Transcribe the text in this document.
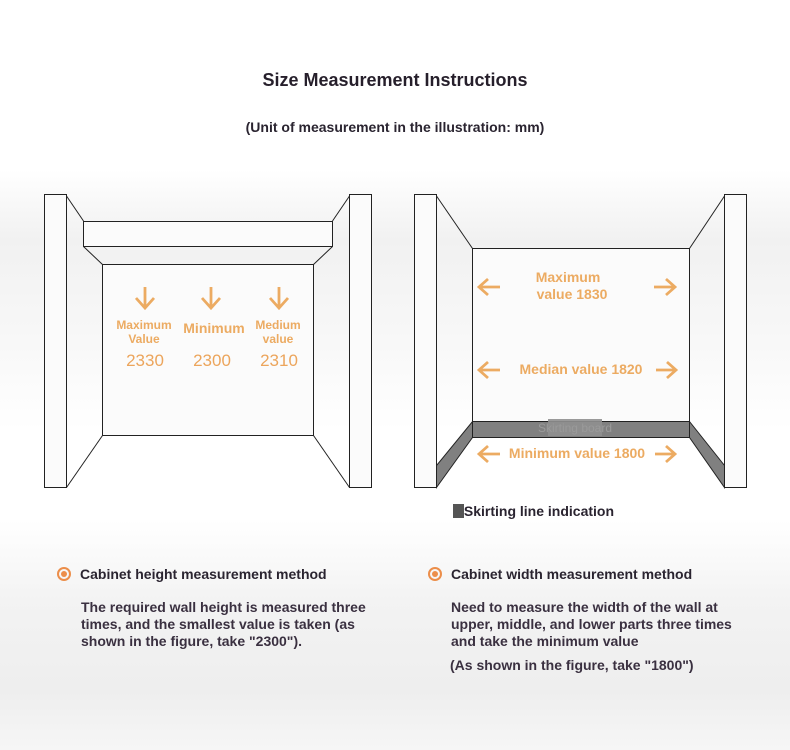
Size Measurement Instructions
(Unit of measurement in the illustration: mm)
Maximum
Value
2330
Minimum
2300
Medium
value
2310
Skirting board
Maximum
value 1830
Median value 1820
Minimum value 1800
Skirting line indication
Cabinet height measurement method
The required wall height is measured three
times, and the smallest value is taken (as
shown in the figure, take "2300").
Cabinet width measurement method
Need to measure the width of the wall at
upper, middle, and lower parts three times
and take the minimum value
(As shown in the figure, take "1800")
